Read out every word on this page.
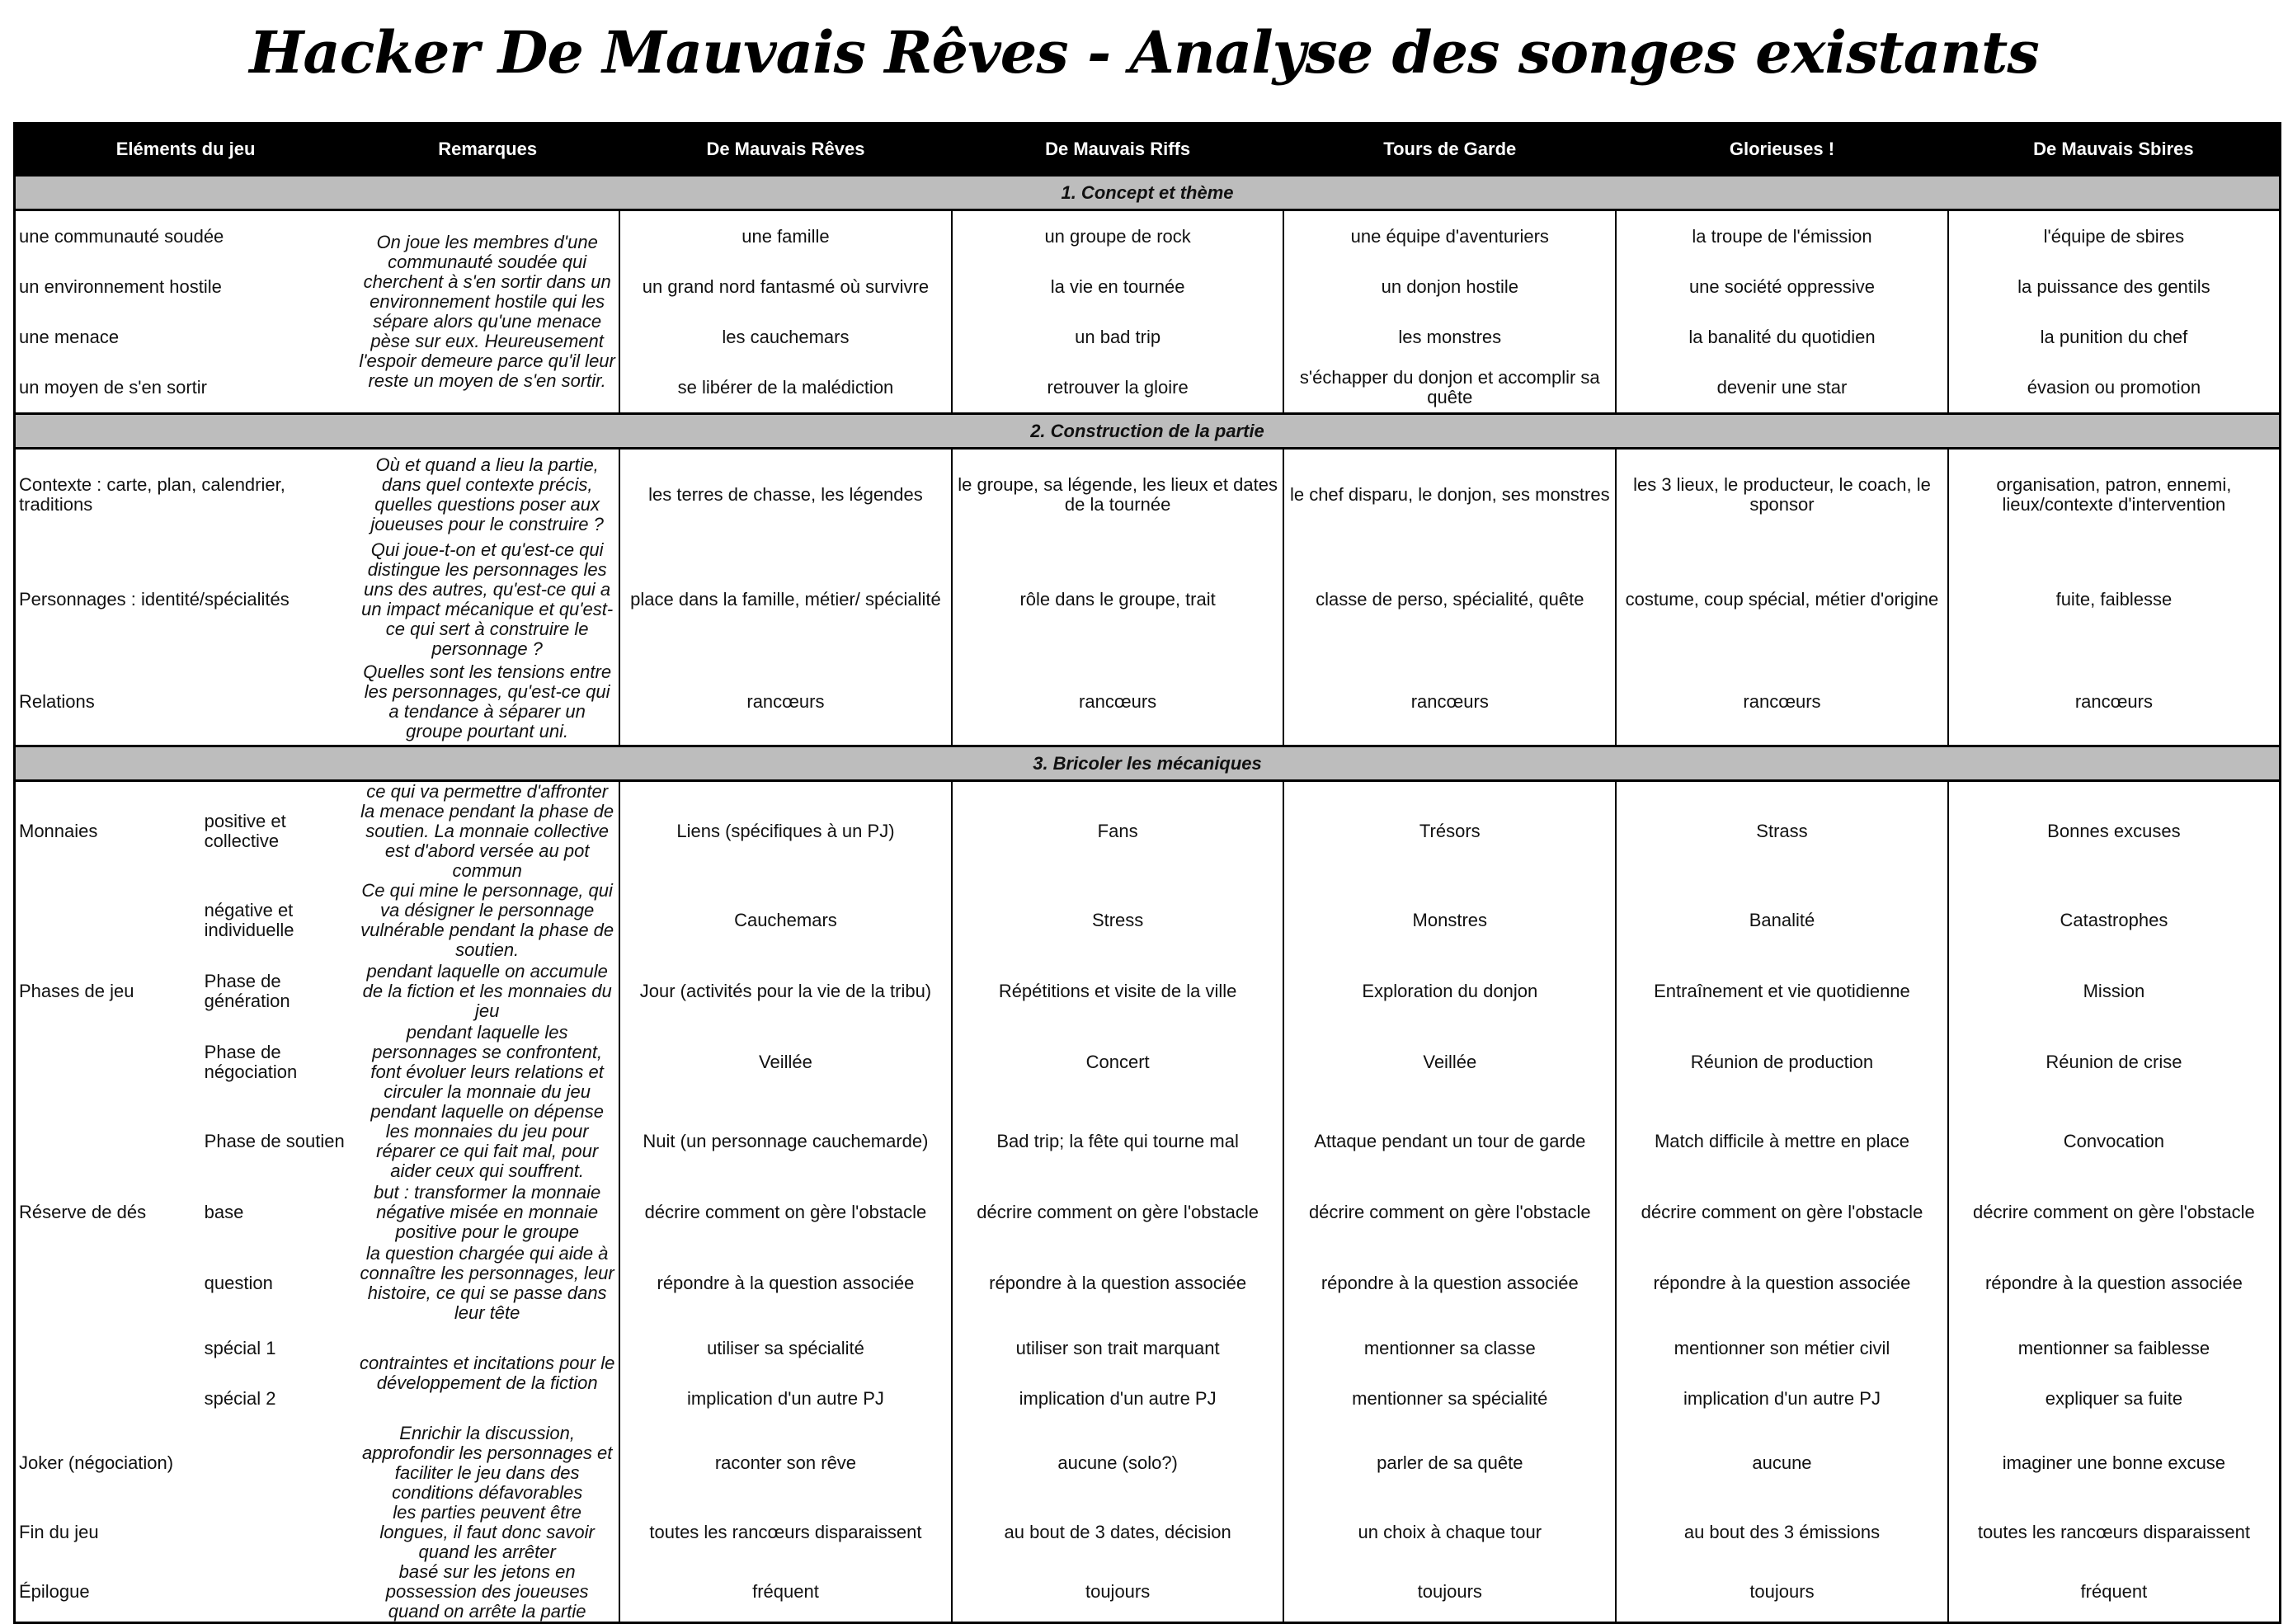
Hacker De Mauvais Rêves - Analyse des songes existants
Eléments du jeu		Remarques	De Mauvais Rêves	De Mauvais Riffs	Tours de Garde	Glorieuses !	De Mauvais Sbires
1. Concept et thème							
une communauté soudée		On joue les membres d'une communauté soudée qui cherchent à s'en sortir dans un environnement hostile qui les sépare alors qu'une menace pèse sur eux. Heureusement l'espoir demeure parce qu'il leur reste un moyen de s'en sortir.	une famille	un groupe de rock	une équipe d'aventuriers	la troupe de l'émission	l'équipe de sbires
un environnement hostile			un grand nord fantasmé où survivre	la vie en tournée	un donjon hostile	une société oppressive	la puissance des gentils
une menace			les cauchemars	un bad trip	les monstres	la banalité du quotidien	la punition du chef
un moyen de s'en sortir			se libérer de la malédiction	retrouver la gloire	s'échapper du donjon et accomplir sa quête	devenir une star	évasion ou promotion
2. Construction de la partie							
Contexte : carte, plan, calendrier, traditions		Où et quand a lieu la partie, dans quel contexte précis, quelles questions poser aux joueuses pour le construire ?	les terres de chasse, les légendes	le groupe, sa légende, les lieux et dates de la tournée	le chef disparu, le donjon, ses monstres	les 3 lieux, le producteur, le coach, le sponsor	organisation, patron, ennemi, lieux/contexte d'intervention
Personnages : identité/spécialités		Qui joue-t-on et qu'est-ce qui distingue les personnages les uns des autres, qu'est-ce qui a un impact mécanique et qu'est-ce qui sert à construire le personnage ?	place dans la famille, métier/ spécialité	rôle dans le groupe, trait	classe de perso, spécialité, quête	costume, coup spécial, métier d'origine	fuite, faiblesse
Relations		Quelles sont les tensions entre les personnages, qu'est-ce qui a tendance à séparer un groupe pourtant uni.	rancœurs	rancœurs	rancœurs	rancœurs	rancœurs
3. Bricoler les mécaniques							
Monnaies	positive et collective	ce qui va permettre d'affronter la menace pendant la phase de soutien. La monnaie collective est d'abord versée au pot commun	Liens (spécifiques à un PJ)	Fans	Trésors	Strass	Bonnes excuses
	négative et individuelle	Ce qui mine le personnage, qui va désigner le personnage vulnérable pendant la phase de soutien.	Cauchemars	Stress	Monstres	Banalité	Catastrophes
Phases de jeu	Phase de génération	pendant laquelle on accumule de la fiction et les monnaies du jeu	Jour (activités pour la vie de la tribu)	Répétitions et visite de la ville	Exploration du donjon	Entraînement et vie quotidienne	Mission
	Phase de négociation	pendant laquelle les personnages se confrontent, font évoluer leurs relations et circuler la monnaie du jeu	Veillée	Concert	Veillée	Réunion de production	Réunion de crise
	Phase de soutien	pendant laquelle on dépense les monnaies du jeu pour réparer ce qui fait mal, pour aider ceux qui souffrent.	Nuit (un personnage cauchemarde)	Bad trip; la fête qui tourne mal	Attaque pendant un tour de garde	Match difficile à mettre en place	Convocation
Réserve de dés	base	but : transformer la monnaie négative misée en monnaie positive pour le groupe	décrire comment on gère l'obstacle	décrire comment on gère l'obstacle	décrire comment on gère l'obstacle	décrire comment on gère l'obstacle	décrire comment on gère l'obstacle
	question	la question chargée qui aide à connaître les personnages, leur histoire, ce qui se passe dans leur tête	répondre à la question associée	répondre à la question associée	répondre à la question associée	répondre à la question associée	répondre à la question associée
	spécial 1	contraintes et incitations pour le développement de la fiction	utiliser sa spécialité	utiliser son trait marquant	mentionner sa classe	mentionner son métier civil	mentionner sa faiblesse
	spécial 2		implication d'un autre PJ	implication d'un autre PJ	mentionner sa spécialité	implication d'un autre PJ	expliquer sa fuite
Joker (négociation)		Enrichir la discussion, approfondir les personnages et faciliter le jeu dans des conditions défavorables	raconter son rêve	aucune (solo?)	parler de sa quête	aucune	imaginer une bonne excuse
Fin du jeu		les parties peuvent être longues, il faut donc savoir quand les arrêter	toutes les rancœurs disparaissent	au bout de 3 dates, décision	un choix à chaque tour	au bout des 3 émissions	toutes les rancœurs disparaissent
Épilogue		basé sur les jetons en possession des joueuses quand on arrête la partie	fréquent	toujours	toujours	toujours	fréquent
